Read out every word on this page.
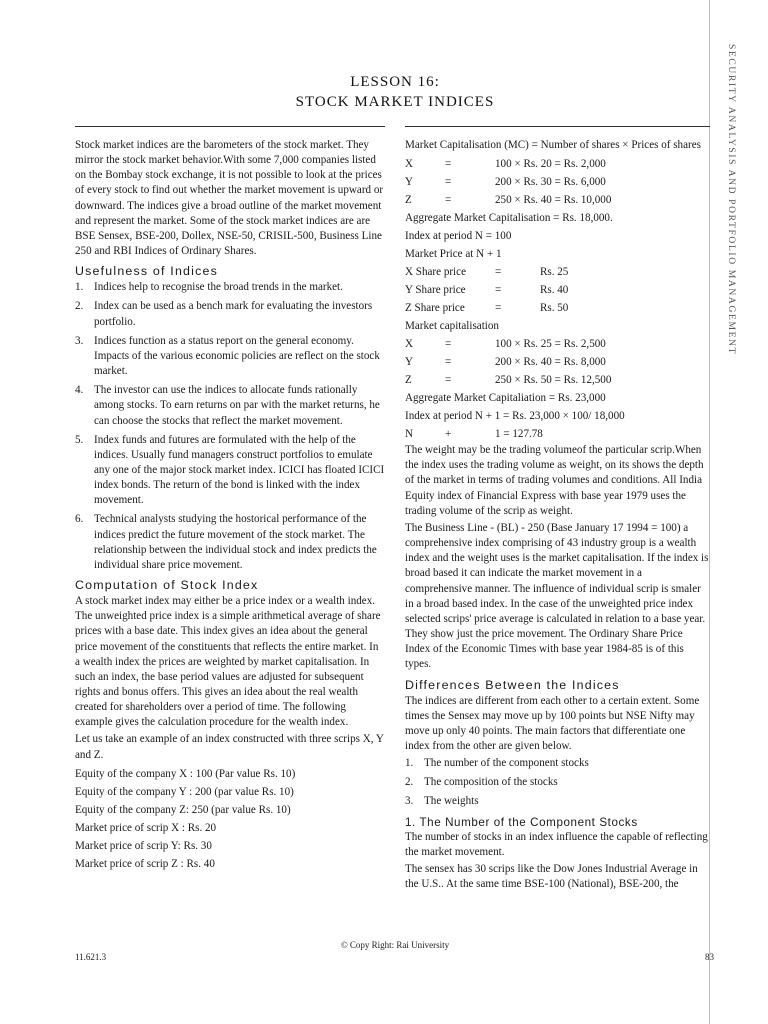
SECURITY ANALYSIS AND PORTFOLIO MANAGEMENT
LESSON 16:
STOCK MARKET INDICES

Stock market indices are the barometers of the stock market. They mirror the stock market behavior.With some 7,000 companies listed on the Bombay stock exchange, it is not possible to look at the prices of every stock to find out whether the market movement is upward or downward. The indices give a broad outline of the market movement and represent the market. Some of the stock market indices are are BSE Sensex, BSE-200, Dollex, NSE-50, CRISIL-500, Business Line 250 and RBI Indices of Ordinary Shares.

Usefulness of Indices
1. Indices help to recognise the broad trends in the market.
2. Index can be used as a bench mark for evaluating the investors portfolio.
3. Indices function as a status report on the general economy. Impacts of the various economic policies are reflect on the stock market.
4. The investor can use the indices to allocate funds rationally among stocks. To earn returns on par with the market returns, he can choose the stocks that reflect the market movement.
5. Index funds and futures are formulated with the help of the indices. Usually fund managers construct portfolios to emulate any one of the major stock market index. ICICI has floated ICICI index bonds. The return of the bond is linked with the index movement.
6. Technical analysts studying the hostorical performance of the indices predict the future movement of the stock market. The relationship between the individual stock and index predicts the individual share price movement.
Computation of Stock Index

A stock market index may either be a price index or a wealth index. The unweighted price index is a simple arithmetical average of share prices with a base date. This index gives an idea about the general price movement of the constituents that reflects the entire market. In a wealth index the prices are weighted by market capitalisation. In such an index, the base period values are adjusted for subsequent rights and bonus offers. This gives an idea about the real wealth created for shareholders over a period of time. The following example gives the calculation procedure for the wealth index.

Let us take an example of an index constructed with three scrips X, Y and Z.

Equity of the company X : 100 (Par value Rs. 10)
Equity of the company Y : 200 (par value Rs. 10)
Equity of the company Z: 250 (par value Rs. 10)
Market price of scrip X : Rs. 20
Market price of scrip Y: Rs. 30
Market price of scrip Z : Rs. 40

Market Capitalisation (MC) = Number of shares × Prices of shares

X	=	100 × Rs. 20 = Rs. 2,000
Y	=	200 × Rs. 30 = Rs. 6,000
Z	=	250 × Rs. 40 = Rs. 10,000
Aggregate Market Capitalisation = Rs. 18,000.
Index at period N = 100
Market Price at N + 1
X Share price	=	Rs. 25
Y Share price	=	Rs. 40
Z Share price	=	Rs. 50
Market capitalisation
X	=	100 × Rs. 25 = Rs. 2,500
Y	=	200 × Rs. 40 = Rs. 8,000
Z	=	250 × Rs. 50 = Rs. 12,500
Aggregate Market Capitaliation = Rs. 23,000
Index at period N + 1 = Rs. 23,000 × 100/ 18,000
N	+	1 = 127.78

The weight may be the trading volumeof the particular scrip.When the index uses the trading volume as weight, on its shows the depth of the market in terms of trading volumes and conditions. All India Equity index of Financial Express with base year 1979 uses the trading volume of the scrip as weight.

The Business Line - (BL) - 250 (Base January 17 1994 = 100) a comprehensive index comprising of 43 industry group is a wealth index and the weight uses is the market capitalisation. If the index is broad based it can indicate the market movement in a comprehensive manner. The influence of individual scrip is smaler in a broad based index. In the case of the unweighted price index selected scrips' price average is calculated in relation to a base year. They show just the price movement. The Ordinary Share Price Index of the Economic Times with base year 1984-85 is of this types.

Differences Between the Indices

The indices are different from each other to a certain extent. Some times the Sensex may move up by 100 points but NSE Nifty may move up only 40 points. The main factors that differentiate one index from the other are given below.

1. The number of the component stocks
2. The composition of the stocks
3. The weights
1. The Number of the Component Stocks

The number of stocks in an index influence the capable of reflecting the market movement.

The sensex has 30 scrips like the Dow Jones Industrial Average in the U.S.. At the same time BSE-100 (National), BSE-200, the

© Copy Right: Rai University
11.621.3	83
